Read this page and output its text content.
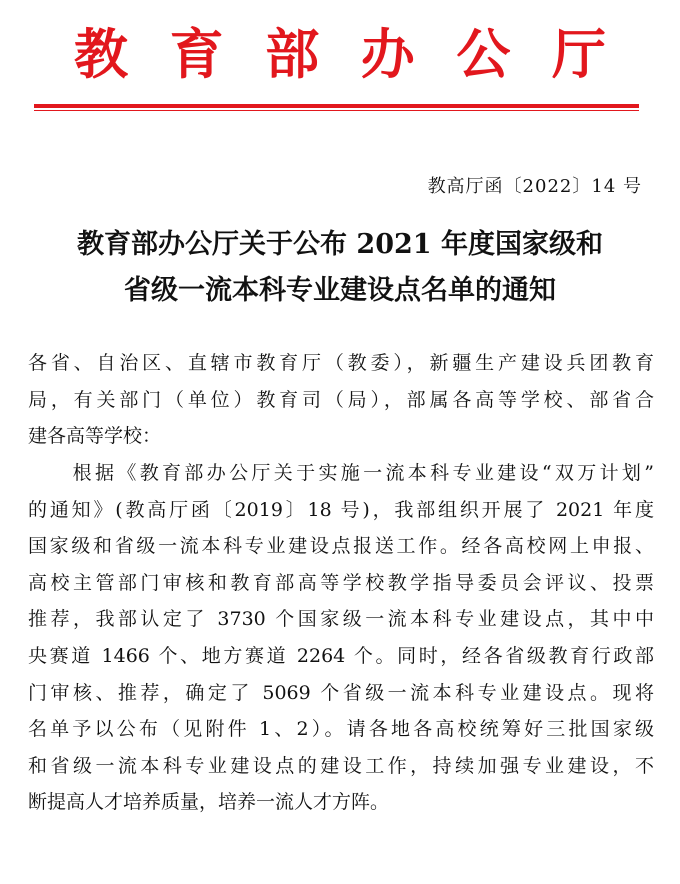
教 育 部 办 公 厅
教高厅函〔2022〕14 号
教育部办公厅关于公布 2021 年度国家级和
省级一流本科专业建设点名单的通知
各省、自治区、直辖市教育厅（教委），新疆生产建设兵团教育
局，有关部门（单位）教育司（局），部属各高等学校、部省合
建各高等学校：
　　根据《教育部办公厅关于实施一流本科专业建设“双万计划”
的通知》(教高厅函〔2019〕18 号)，我部组织开展了 2021 年度
国家级和省级一流本科专业建设点报送工作。经各高校网上申报、
高校主管部门审核和教育部高等学校教学指导委员会评议、投票
推荐，我部认定了 3730 个国家级一流本科专业建设点，其中中
央赛道 1466 个、地方赛道 2264 个。同时，经各省级教育行政部
门审核、推荐，确定了 5069 个省级一流本科专业建设点。现将
名单予以公布（见附件 1、2）。请各地各高校统筹好三批国家级
和省级一流本科专业建设点的建设工作，持续加强专业建设，不
断提高人才培养质量，培养一流人才方阵。
